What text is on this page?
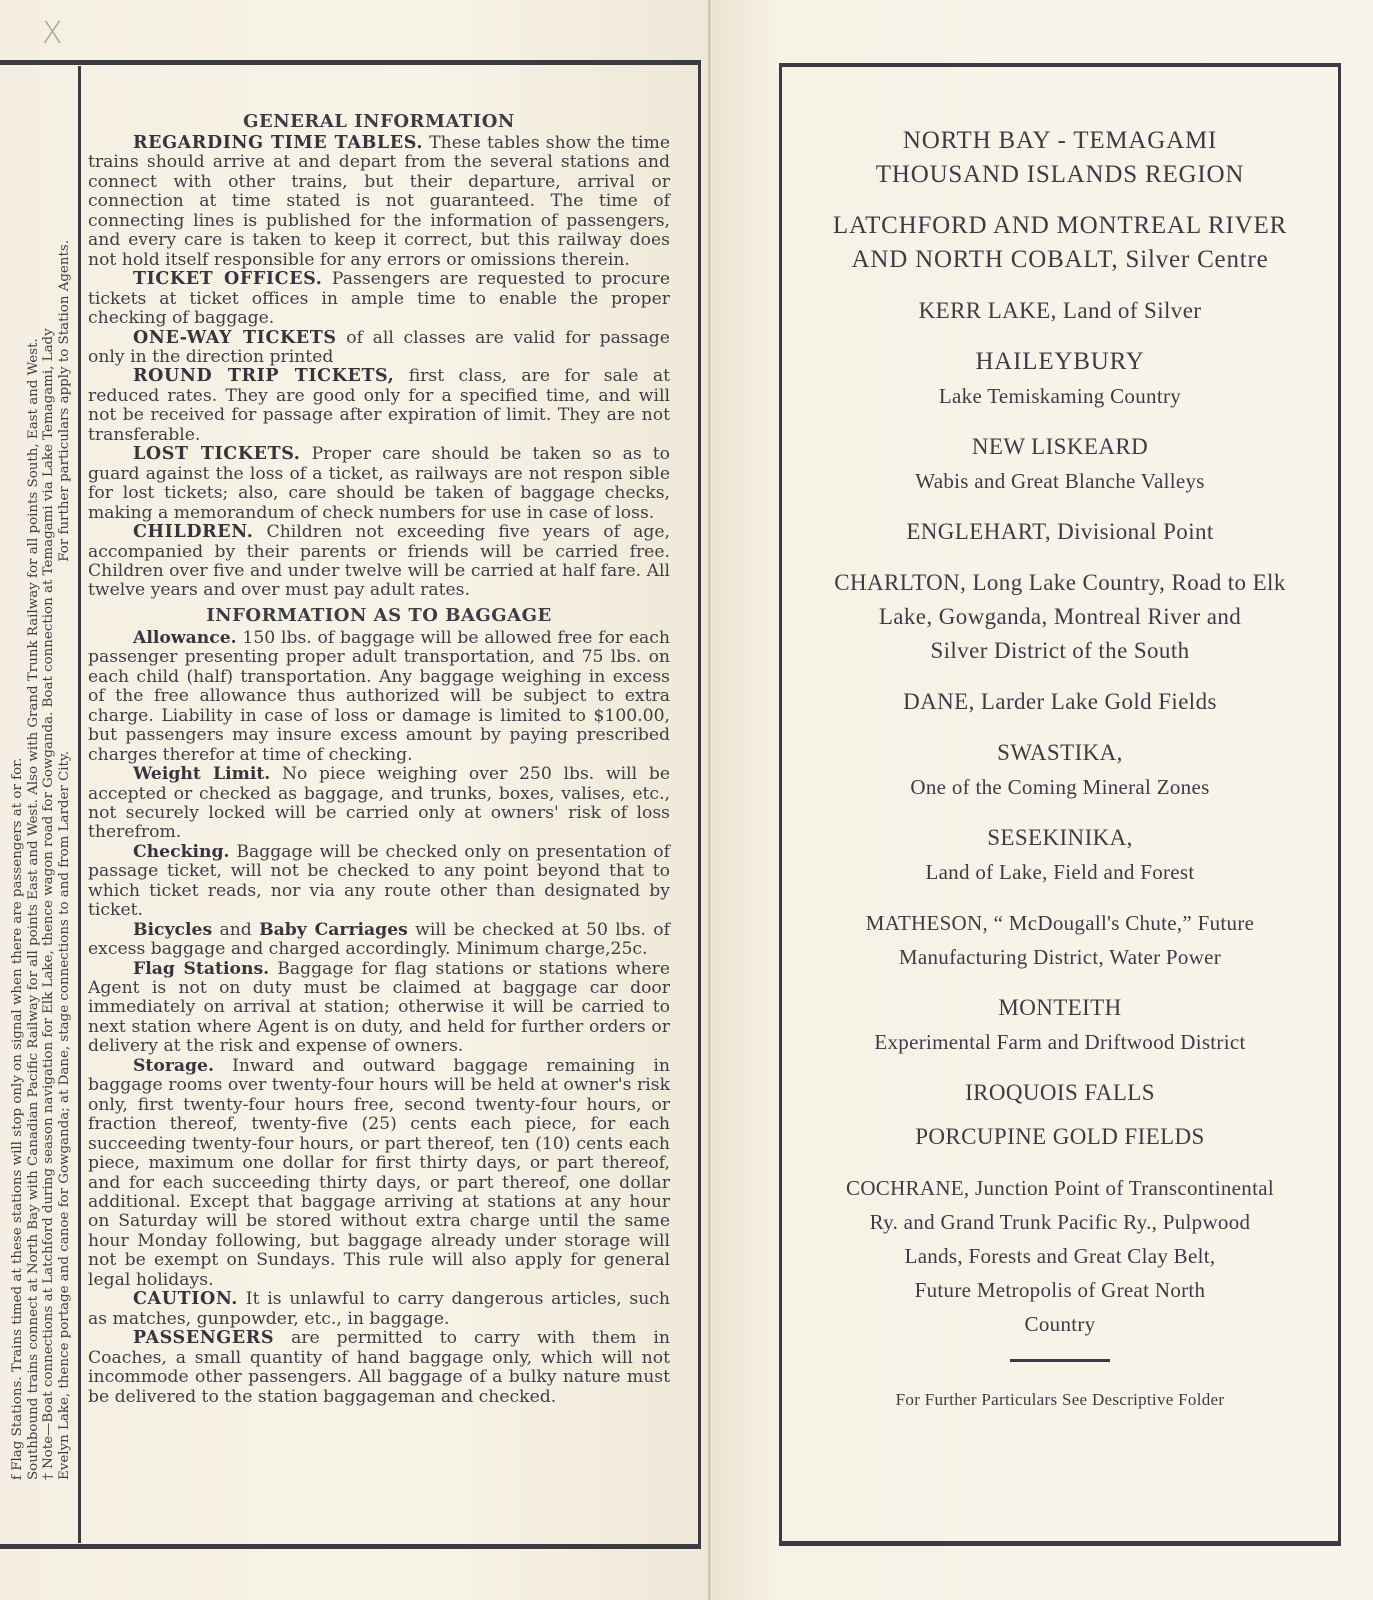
X
f Flag Stations. Trains timed at these stations will stop only on signal when there are passengers at or for. Southbound trains connect at North Bay with Canadian Pacific Railway for all points East and West. Also with Grand Trunk Railway for all points South, East and West. † Note—Boat connections at Latchford during season navigation for Elk Lake, thence wagon road for Gowganda. Boat connection at Temagami via Lake Temagami, Lady Evelyn Lake, thence portage and canoe for Gowganda; at Dane, stage connections to and from Larder City.
For further particulars apply to Station Agents.
GENERAL INFORMATION

REGARDING TIME TABLES. These tables show the time trains should arrive at and depart from the several stations and connect with other trains, but their departure, arrival or connection at time stated is not guaranteed. The time of connecting lines is published for the information of passengers, and every care is taken to keep it correct, but this railway does not hold itself responsible for any errors or omissions therein.

TICKET OFFICES. Passengers are requested to procure tickets at ticket offices in ample time to enable the proper checking of baggage.

ONE-WAY TICKETS of all classes are valid for passage only in the direction printed

ROUND TRIP TICKETS, first class, are for sale at reduced rates. They are good only for a specified time, and will not be received for passage after expiration of limit. They are not transferable.

LOST TICKETS. Proper care should be taken so as to guard against the loss of a ticket, as railways are not respon sible for lost tickets; also, care should be taken of baggage checks, making a memorandum of check numbers for use in case of loss.

CHILDREN. Children not exceeding five years of age, accompanied by their parents or friends will be carried free. Children over five and under twelve will be carried at half fare. All twelve years and over must pay adult rates.

INFORMATION AS TO BAGGAGE

Allowance. 150 lbs. of baggage will be allowed free for each passenger presenting proper adult transportation, and 75 lbs. on each child (half) transportation. Any baggage weighing in excess of the free allowance thus authorized will be subject to extra charge. Liability in case of loss or damage is limited to $100.00, but passengers may insure excess amount by paying prescribed charges therefor at time of checking.

Weight Limit. No piece weighing over 250 lbs. will be accepted or checked as baggage, and trunks, boxes, valises, etc., not securely locked will be carried only at owners' risk of loss therefrom.

Checking. Baggage will be checked only on presentation of passage ticket, will not be checked to any point beyond that to which ticket reads, nor via any route other than designated by ticket.

Bicycles and Baby Carriages will be checked at 50 lbs. of excess baggage and charged accordingly. Minimum charge,25c.

Flag Stations. Baggage for flag stations or stations where Agent is not on duty must be claimed at baggage car door immediately on arrival at station; otherwise it will be carried to next station where Agent is on duty, and held for further orders or delivery at the risk and expense of owners.

Storage. Inward and outward baggage remaining in baggage rooms over twenty-four hours will be held at owner's risk only, first twenty-four hours free, second twenty-four hours, or fraction thereof, twenty-five (25) cents each piece, for each succeeding twenty-four hours, or part thereof, ten (10) cents each piece, maximum one dollar for first thirty days, or part thereof, and for each succeeding thirty days, or part thereof, one dollar additional. Except that baggage arriving at stations at any hour on Saturday will be stored without extra charge until the same hour Monday following, but baggage already under storage will not be exempt on Sundays. This rule will also apply for general legal holidays.

CAUTION. It is unlawful to carry dangerous articles, such as matches, gunpowder, etc., in baggage.

PASSENGERS are permitted to carry with them in Coaches, a small quantity of hand baggage only, which will not incommode other passengers. All baggage of a bulky nature must be delivered to the station baggageman and checked.

NORTH BAY - TEMAGAMI
THOUSAND ISLANDS REGION
LATCHFORD AND MONTREAL RIVER
AND NORTH COBALT, Silver Centre
KERR LAKE, Land of Silver
HAILEYBURY
Lake Temiskaming Country
NEW LISKEARD
Wabis and Great Blanche Valleys
ENGLEHART, Divisional Point
CHARLTON, Long Lake Country, Road to Elk
Lake, Gowganda, Montreal River and
Silver District of the South
DANE, Larder Lake Gold Fields
SWASTIKA,
One of the Coming Mineral Zones
SESEKINIKA,
Land of Lake, Field and Forest
MATHESON, “ McDougall's Chute,” Future
Manufacturing District, Water Power
MONTEITH
Experimental Farm and Driftwood District
IROQUOIS FALLS
PORCUPINE GOLD FIELDS
COCHRANE, Junction Point of Transcontinental
Ry. and Grand Trunk Pacific Ry., Pulpwood
Lands, Forests and Great Clay Belt,
Future Metropolis of Great North
Country
For Further Particulars See Descriptive Folder
